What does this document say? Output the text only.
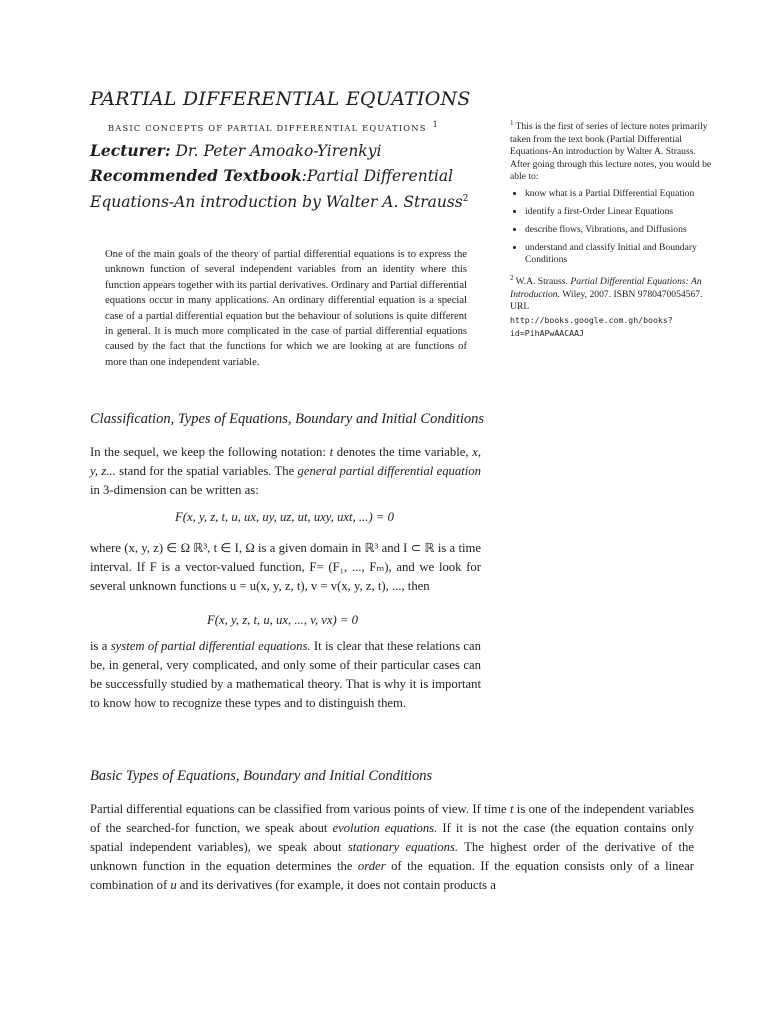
PARTIAL DIFFERENTIAL EQUATIONS
BASIC CONCEPTS OF PARTIAL DIFFERENTIAL EQUATIONS $^1$
Lecturer: Dr. Peter Amoako-Yirenkyi
Recommended Textbook:Partial Differential Equations-An introduction by Walter A. Strauss$^2$
One of the main goals of the theory of partial differential equations is to express the unknown function of several independent variables from an identity where this function appears together with its partial derivatives. Ordinary and Partial differential equations occur in many applications. An ordinary differential equation is a special case of a partial differential equation but the behaviour of solutions is quite different in general. It is much more complicated in the case of partial differential equations caused by the fact that the functions for which we are looking at are functions of more than one independent variable.

$^1$ This is the first of series of lecture notes primarily taken from the text book (Partial Differential Equations-An introduction by Walter A. Strauss. After going through this lecture notes, you would be able to:

• know what is a Partial Differential Equation
• identify a first-Order Linear Equations
• describe flows, Vibrations, and Diffusions
• understand and classify Initial and Boundary Conditions

$^2$ W.A. Strauss. Partial Differential Equations: An Introduction. Wiley, 2007. ISBN 9780470054567. URL
http://books.google.com.gh/books?
id=PihAPwAACAAJ

Classification, Types of Equations, Boundary and Initial Conditions
In the sequel, we keep the following notation: t denotes the time variable, x, y, z... stand for the spatial variables. The general partial differential equation in 3-dimension can be written as:
F(x, y, z, t, u, ux, uy, uz, ut, uxy, uxt, ...) = 0
where (x, y, z) ∈ Ω ℝ³, t ∈ I, Ω is a given domain in ℝ³ and I ⊂ ℝ is a time interval. If F is a vector-valued function, F= (F₁, ..., Fₘ), and we look for several unknown functions u = u(x, y, z, t), v = v(x, y, z, t), ..., then
F(x, y, z, t, u, ux, ..., v, vx) = 0
is a system of partial differential equations. It is clear that these relations can be, in general, very complicated, and only some of their particular cases can be successfully studied by a mathematical theory. That is why it is important to know how to recognize these types and to distinguish them.
Basic Types of Equations, Boundary and Initial Conditions
Partial differential equations can be classified from various points of view. If time t is one of the independent variables of the searched-for function, we speak about evolution equations. If it is not the case (the equation contains only spatial independent variables), we speak about stationary equations. The highest order of the derivative of the unknown function in the equation determines the order of the equation. If the equation consists only of a linear combination of u and its derivatives (for example, it does not contain products a
